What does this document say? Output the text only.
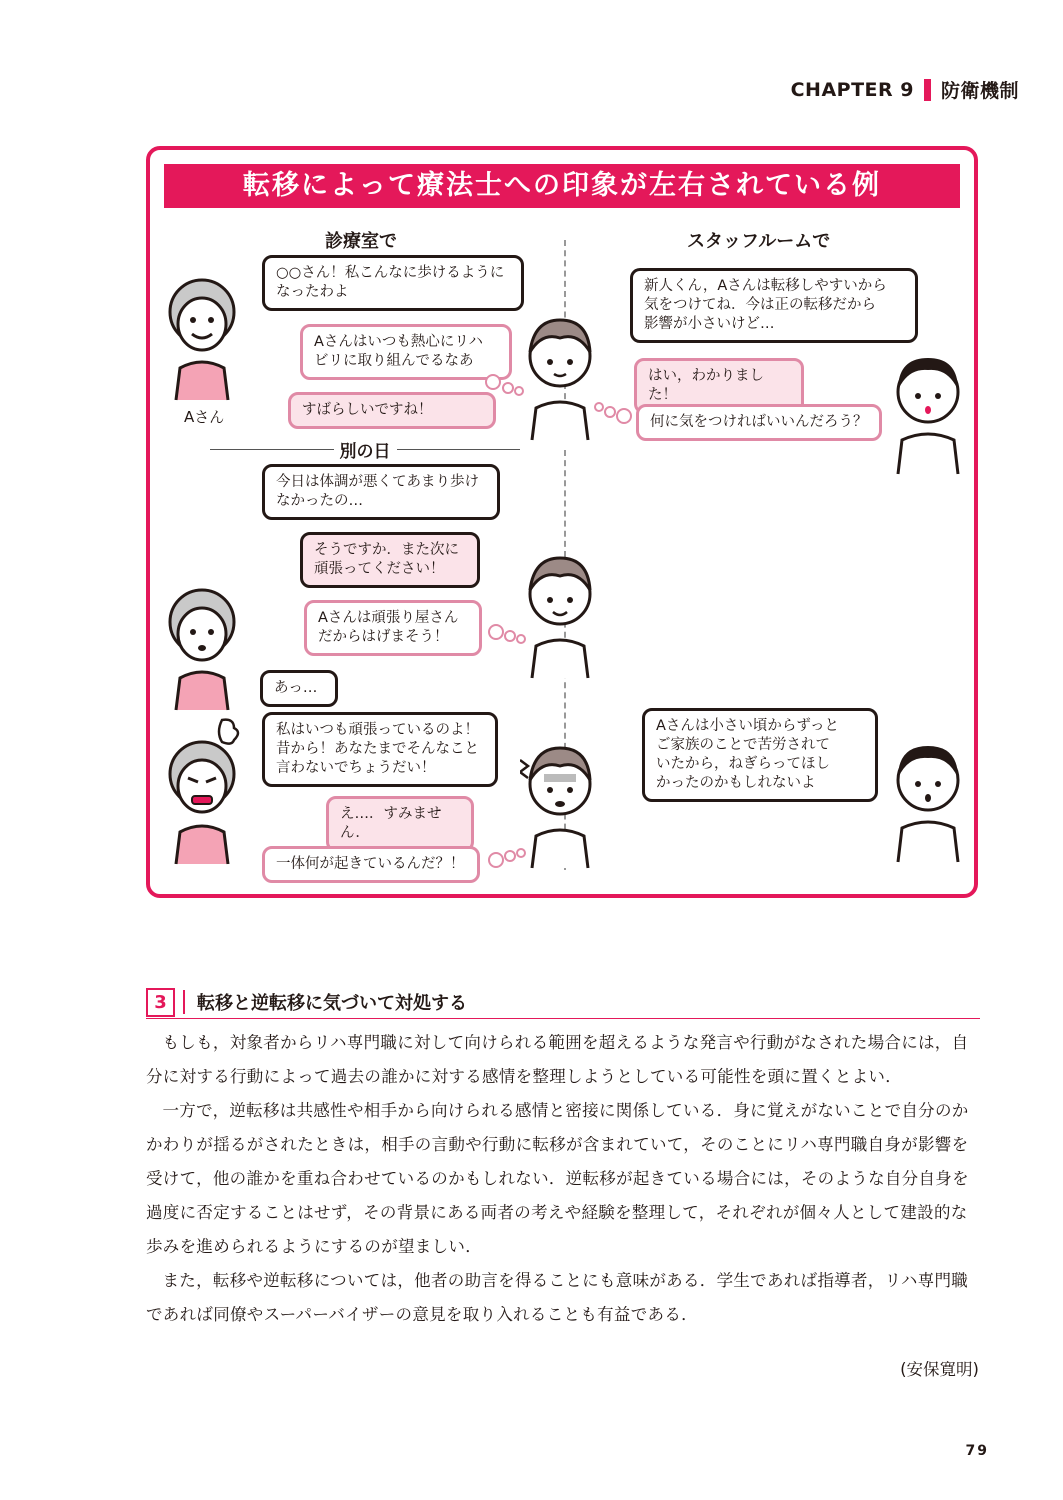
CHAPTER 9 防衛機制
転移によって療法士への印象が左右されている例
診療室で	スタッフルームで
Aさん
○○さん！私こんなに歩けるように
なったわよ
Aさんはいつも熱心にリハ
ビリに取り組んでるなあ
すばらしいですね！
新人くん，Aさんは転移しやすいから
気をつけてね．今は正の転移だから
影響が小さいけど…
はい，わかりました！
何に気をつければいいんだろう？
別の日
今日は体調が悪くてあまり歩け
なかったの…
そうですか．また次に
頑張ってください！
Aさんは頑張り屋さん
だからはげまそう！
あっ…
私はいつも頑張っているのよ！
昔から！あなたまでそんなこと
言わないでちょうだい！
え…．すみません．
一体何が起きているんだ？！
Aさんは小さい頃からずっと
ご家族のことで苦労されて
いたから，ねぎらってほし
かったのかもしれないよ
3	転移と逆転移に気づいて対処する

もしも，対象者からリハ専門職に対して向けられる範囲を超えるような発言や行動がなされた場合には，自分に対する行動によって過去の誰かに対する感情を整理しようとしている可能性を頭に置くとよい．

一方で，逆転移は共感性や相手から向けられる感情と密接に関係している．身に覚えがないことで自分のかかわりが揺るがされたときは，相手の言動や行動に転移が含まれていて，そのことにリハ専門職自身が影響を受けて，他の誰かを重ね合わせているのかもしれない．逆転移が起きている場合には，そのような自分自身を過度に否定することはせず，その背景にある両者の考えや経験を整理して，それぞれが個々人として建設的な歩みを進められるようにするのが望ましい．

また，転移や逆転移については，他者の助言を得ることにも意味がある．学生であれば指導者，リハ専門職であれば同僚やスーパーバイザーの意見を取り入れることも有益である．

(安保寛明)
79
